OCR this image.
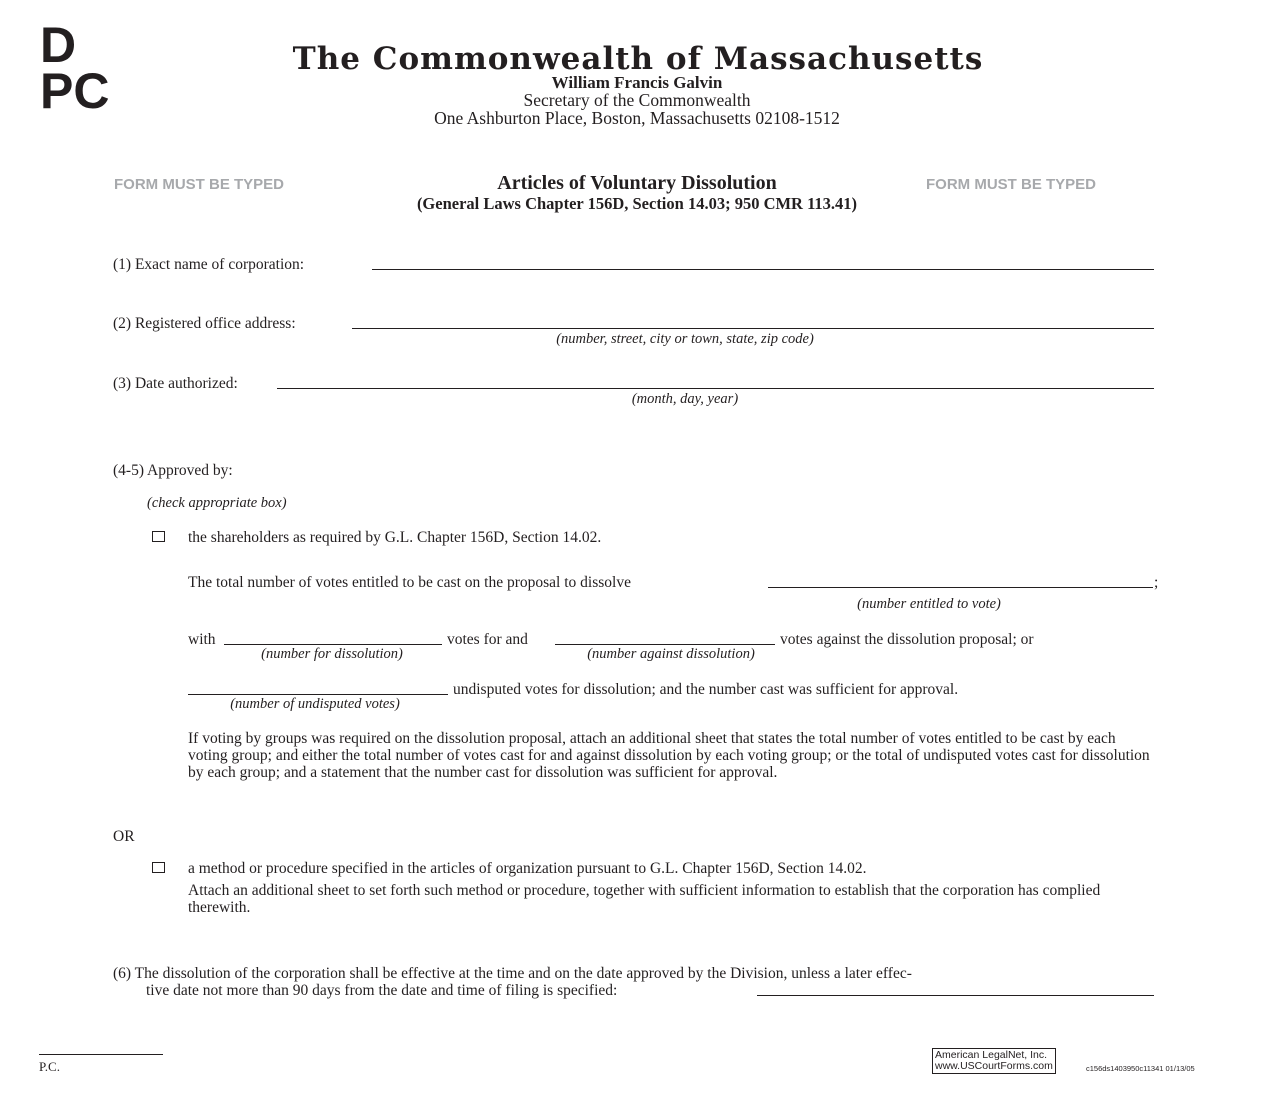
D
PC
The Commonwealth of Massachusetts
William Francis Galvin
Secretary of the Commonwealth
One Ashburton Place, Boston, Massachusetts 02108-1512
FORM MUST BE TYPED	FORM MUST BE TYPED
Articles of Voluntary Dissolution
(General Laws Chapter 156D, Section 14.03; 950 CMR 113.41)
(1) Exact name of corporation:
(2) Registered office address:
(number, street, city or town, state, zip code)
(3) Date authorized:
(month, day, year)
(4-5) Approved by:
(check appropriate box)
the shareholders as required by G.L. Chapter 156D, Section 14.02.
The total number of votes entitled to be cast on the proposal to dissolve	;
(number entitled to vote)
with	votes for and	votes against the dissolution proposal; or
(number for dissolution)	(number against dissolution)
undisputed votes for dissolution; and the number cast was sufficient for approval.
(number of undisputed votes)
If voting by groups was required on the dissolution proposal, attach an additional sheet that states the total number of votes entitled to be cast by each voting group; and either the total number of votes cast for and against dissolution by each voting group; or the total of undisputed votes cast for dissolution by each group; and a statement that the number cast for dissolution was sufficient for approval.
OR
a method or procedure specified in the articles of organization pursuant to G.L. Chapter 156D, Section 14.02.
Attach an additional sheet to set forth such method or procedure, together with sufficient information to establish that the corporation has complied therewith.
(6) The dissolution of the corporation shall be effective at the time and on the date approved by the Division, unless a later effec-
tive date not more than 90 days from the date and time of filing is specified:
P.C.
American LegalNet, Inc.
www.USCourtForms.com	c156ds1403950c11341 01/13/05
